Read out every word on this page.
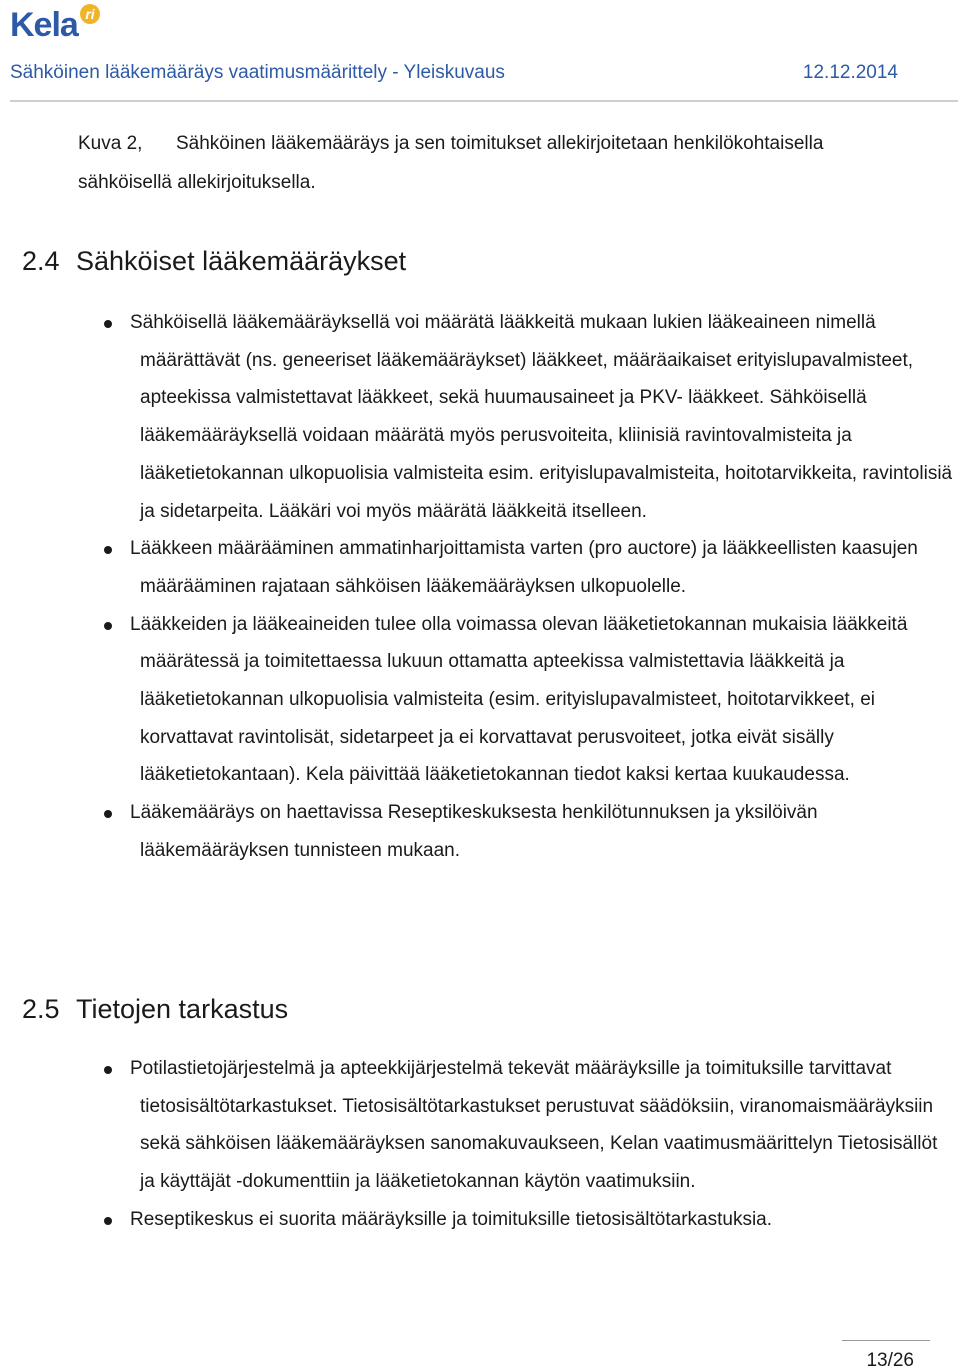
Kela ri
Sähköinen lääkemääräys vaatimusmäärittely - Yleiskuvaus	12.12.2014
Kuva 2, Sähköinen lääkemääräys ja sen toimitukset allekirjoitetaan henkilökohtaisella
sähköisellä allekirjoituksella.
2.4 Sähköiset lääkemääräykset
Sähköisellä lääkemääräyksellä voi määrätä lääkkeitä mukaan lukien lääkeaineen nimellä määrättävät (ns. geneeriset lääkemääräykset) lääkkeet, määräaikaiset erityislupavalmisteet, apteekissa valmistettavat lääkkeet, sekä huumausaineet ja PKV- lääkkeet. Sähköisellä lääkemääräyksellä voidaan määrätä myös perusvoiteita, kliinisiä ravintovalmisteita ja lääketietokannan ulkopuolisia valmisteita esim. erityislupavalmisteita, hoitotarvikkeita, ravintolisiä ja sidetarpeita. Lääkäri voi myös määrätä lääkkeitä itselleen.
Lääkkeen määrääminen ammatinharjoittamista varten (pro auctore) ja lääkkeellisten kaasujen määrääminen rajataan sähköisen lääkemääräyksen ulkopuolelle.
Lääkkeiden ja lääkeaineiden tulee olla voimassa olevan lääketietokannan mukaisia lääkkeitä määrätessä ja toimitettaessa lukuun ottamatta apteekissa valmistettavia lääkkeitä ja lääketietokannan ulkopuolisia valmisteita (esim. erityislupavalmisteet, hoitotarvikkeet, ei korvattavat ravintolisät, sidetarpeet ja ei korvattavat perusvoiteet, jotka eivät sisälly lääketietokantaan). Kela päivittää lääketietokannan tiedot kaksi kertaa kuukaudessa.
Lääkemääräys on haettavissa Reseptikeskuksesta henkilötunnuksen ja yksilöivän lääkemääräyksen tunnisteen mukaan.
2.5 Tietojen tarkastus
Potilastietojärjestelmä ja apteekkijärjestelmä tekevät määräyksille ja toimituksille tarvittavat tietosisältötarkastukset. Tietosisältötarkastukset perustuvat säädöksiin, viranomaismääräyksiin sekä sähköisen lääkemääräyksen sanomakuvaukseen, Kelan vaatimusmäärittelyn Tietosisällöt ja käyttäjät -dokumenttiin ja lääketietokannan käytön vaatimuksiin.
Reseptikeskus ei suorita määräyksille ja toimituksille tietosisältötarkastuksia.
13/26
